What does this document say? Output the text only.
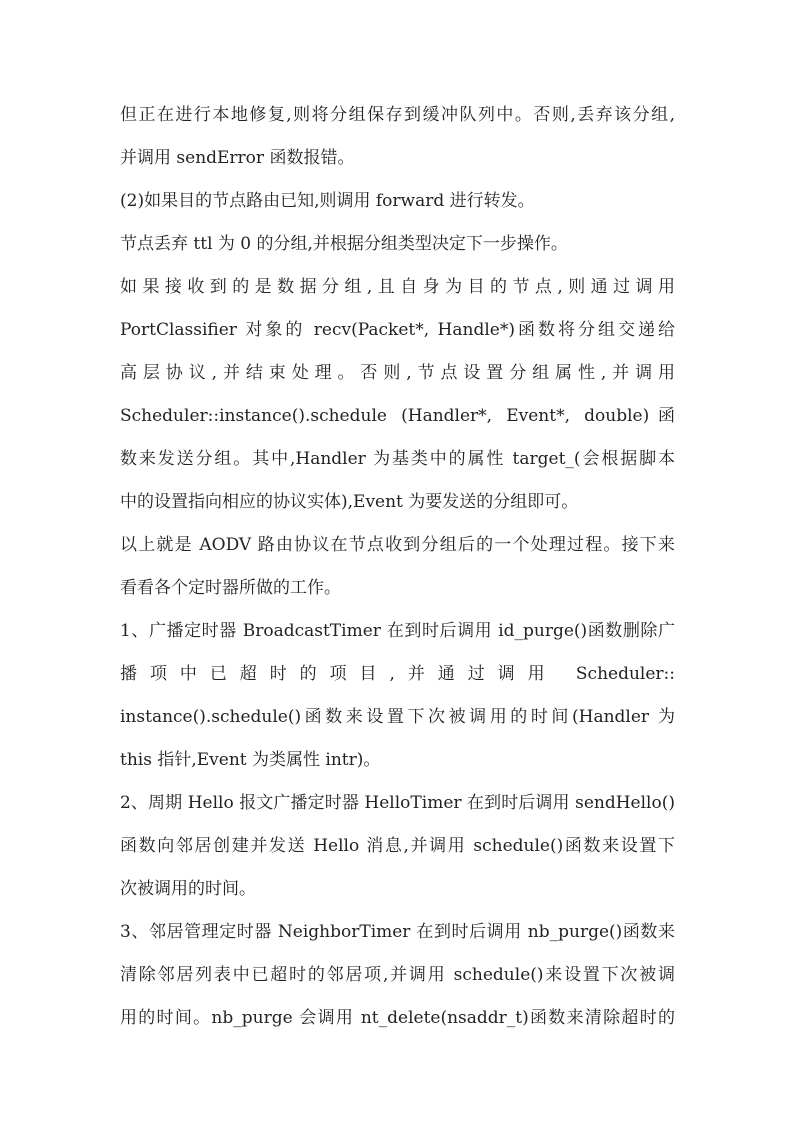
但正在进行本地修复,则将分组保存到缓冲队列中。否则,丢弃该分组,
并调用 sendError 函数报错。
(2)如果目的节点路由已知,则调用 forward 进行转发。
节点丢弃 ttl 为 0 的分组,并根据分组类型决定下一步操作。
如果接收到的是数据分组,且自身为目的节点,则通过调用
PortClassifier 对象的 recv(Packet*, Handle*)函数将分组交递给
高层协议,并结束处理。否则,节点设置分组属性,并调用
Scheduler::instance().schedule (Handler*, Event*, double)函
数来发送分组。其中,Handler 为基类中的属性 target_(会根据脚本
中的设置指向相应的协议实体),Event 为要发送的分组即可。
以上就是 AODV 路由协议在节点收到分组后的一个处理过程。接下来
看看各个定时器所做的工作。
1、广播定时器 BroadcastTimer 在到时后调用 id_purge()函数删除广
播项中已超时的项目,并通过调用 Scheduler::
instance().schedule()函数来设置下次被调用的时间(Handler 为
this 指针,Event 为类属性 intr)。
2、周期 Hello 报文广播定时器 HelloTimer 在到时后调用 sendHello()
函数向邻居创建并发送 Hello 消息,并调用 schedule()函数来设置下
次被调用的时间。
3、邻居管理定时器 NeighborTimer 在到时后调用 nb_purge()函数来
清除邻居列表中已超时的邻居项,并调用 schedule()来设置下次被调
用的时间。nb_purge 会调用 nt_delete(nsaddr_t)函数来清除超时的
